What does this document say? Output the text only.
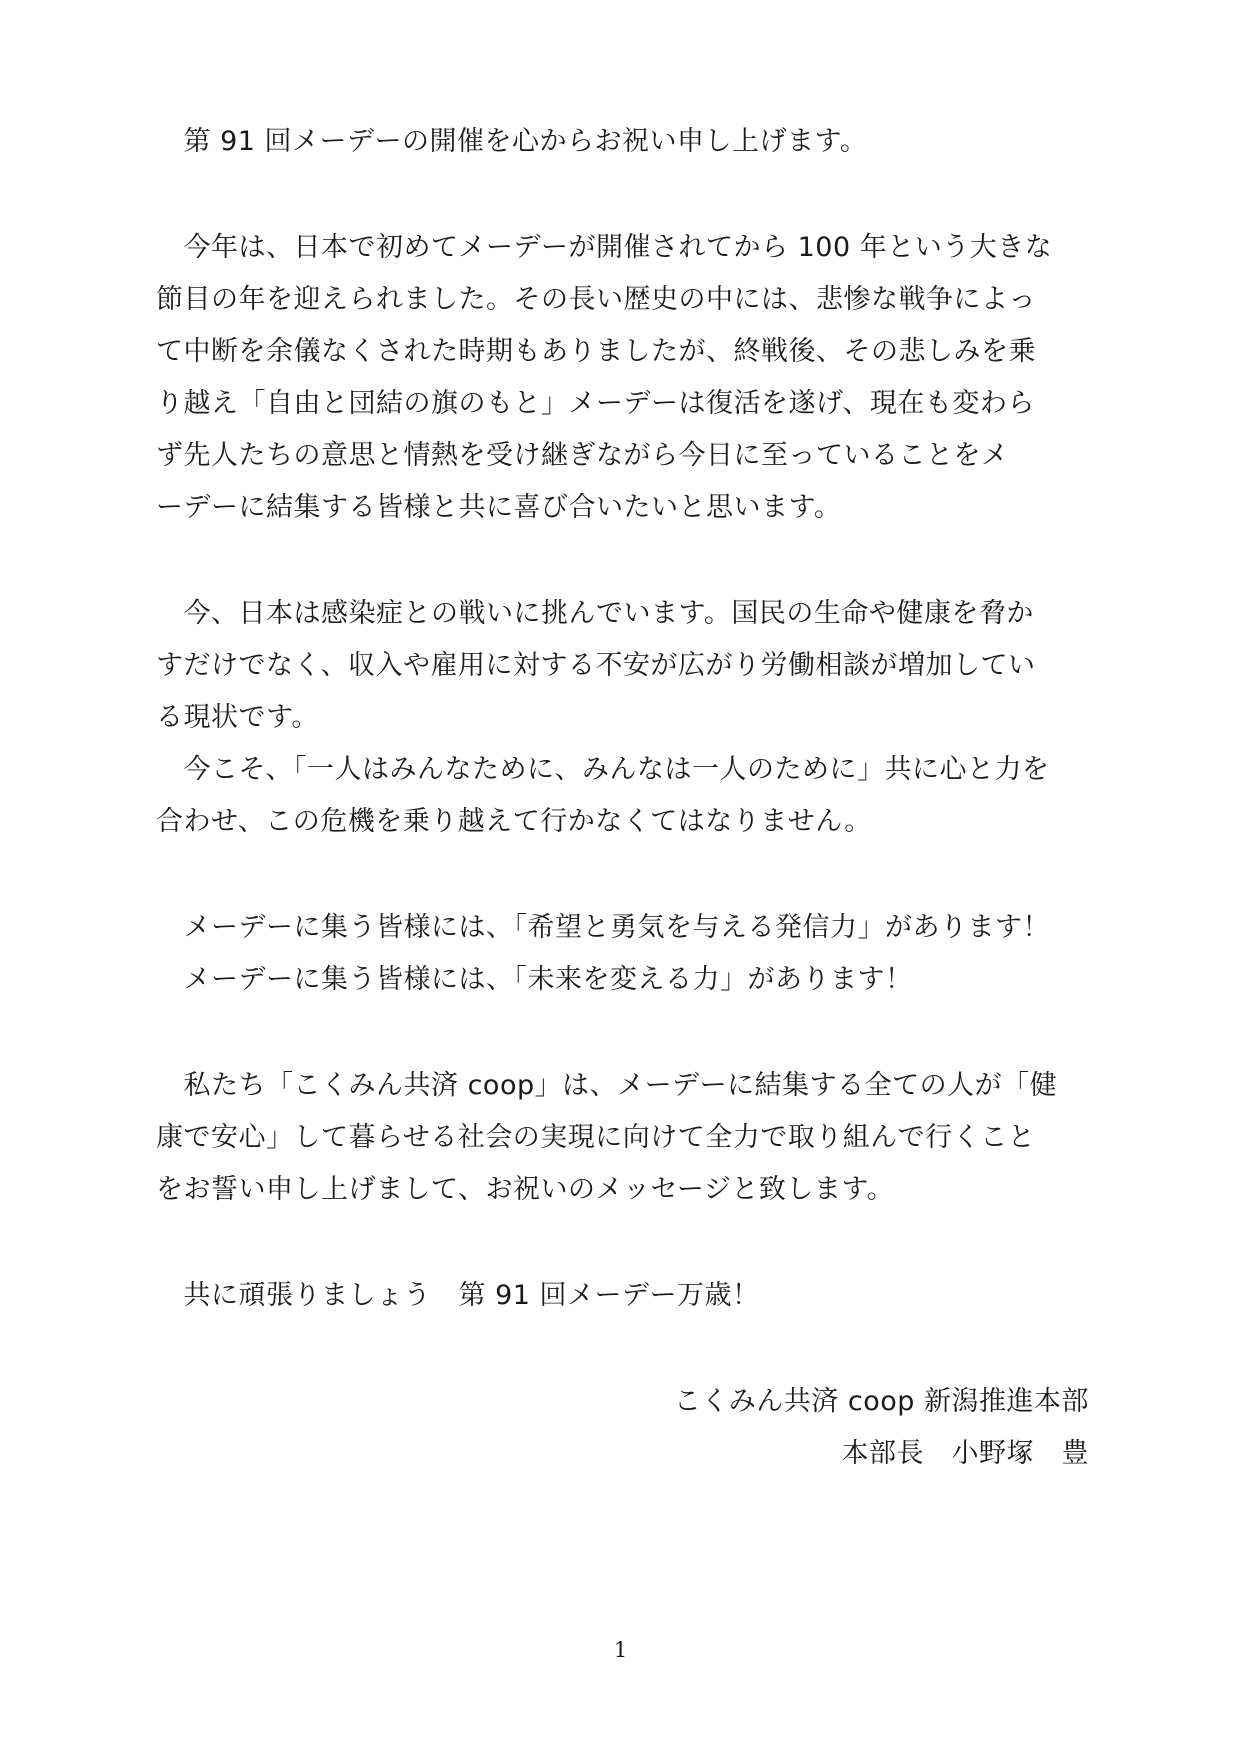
　第 91 回メーデーの開催を心からお祝い申し上げます。
　今年は、日本で初めてメーデーが開催されてから 100 年という大きな
節目の年を迎えられました。その長い歴史の中には、悲惨な戦争によっ
て中断を余儀なくされた時期もありましたが、終戦後、その悲しみを乗
り越え「自由と団結の旗のもと」メーデーは復活を遂げ、現在も変わら
ず先人たちの意思と情熱を受け継ぎながら今日に至っていることをメ
ーデーに結集する皆様と共に喜び合いたいと思います。
　今、日本は感染症との戦いに挑んでいます。国民の生命や健康を脅か
すだけでなく、収入や雇用に対する不安が広がり労働相談が増加してい
る現状です。
　今こそ、「一人はみんなために、みんなは一人のために」共に心と力を
合わせ、この危機を乗り越えて行かなくてはなりません。
　メーデーに集う皆様には、「希望と勇気を与える発信力」があります！
　メーデーに集う皆様には、「未来を変える力」があります！
　私たち「こくみん共済 coop」は、メーデーに結集する全ての人が「健
康で安心」して暮らせる社会の実現に向けて全力で取り組んで行くこと
をお誓い申し上げまして、お祝いのメッセージと致します。
　共に頑張りましょう　第 91 回メーデー万歳！
こくみん共済 coop 新潟推進本部
本部長　小野塚　豊
1
